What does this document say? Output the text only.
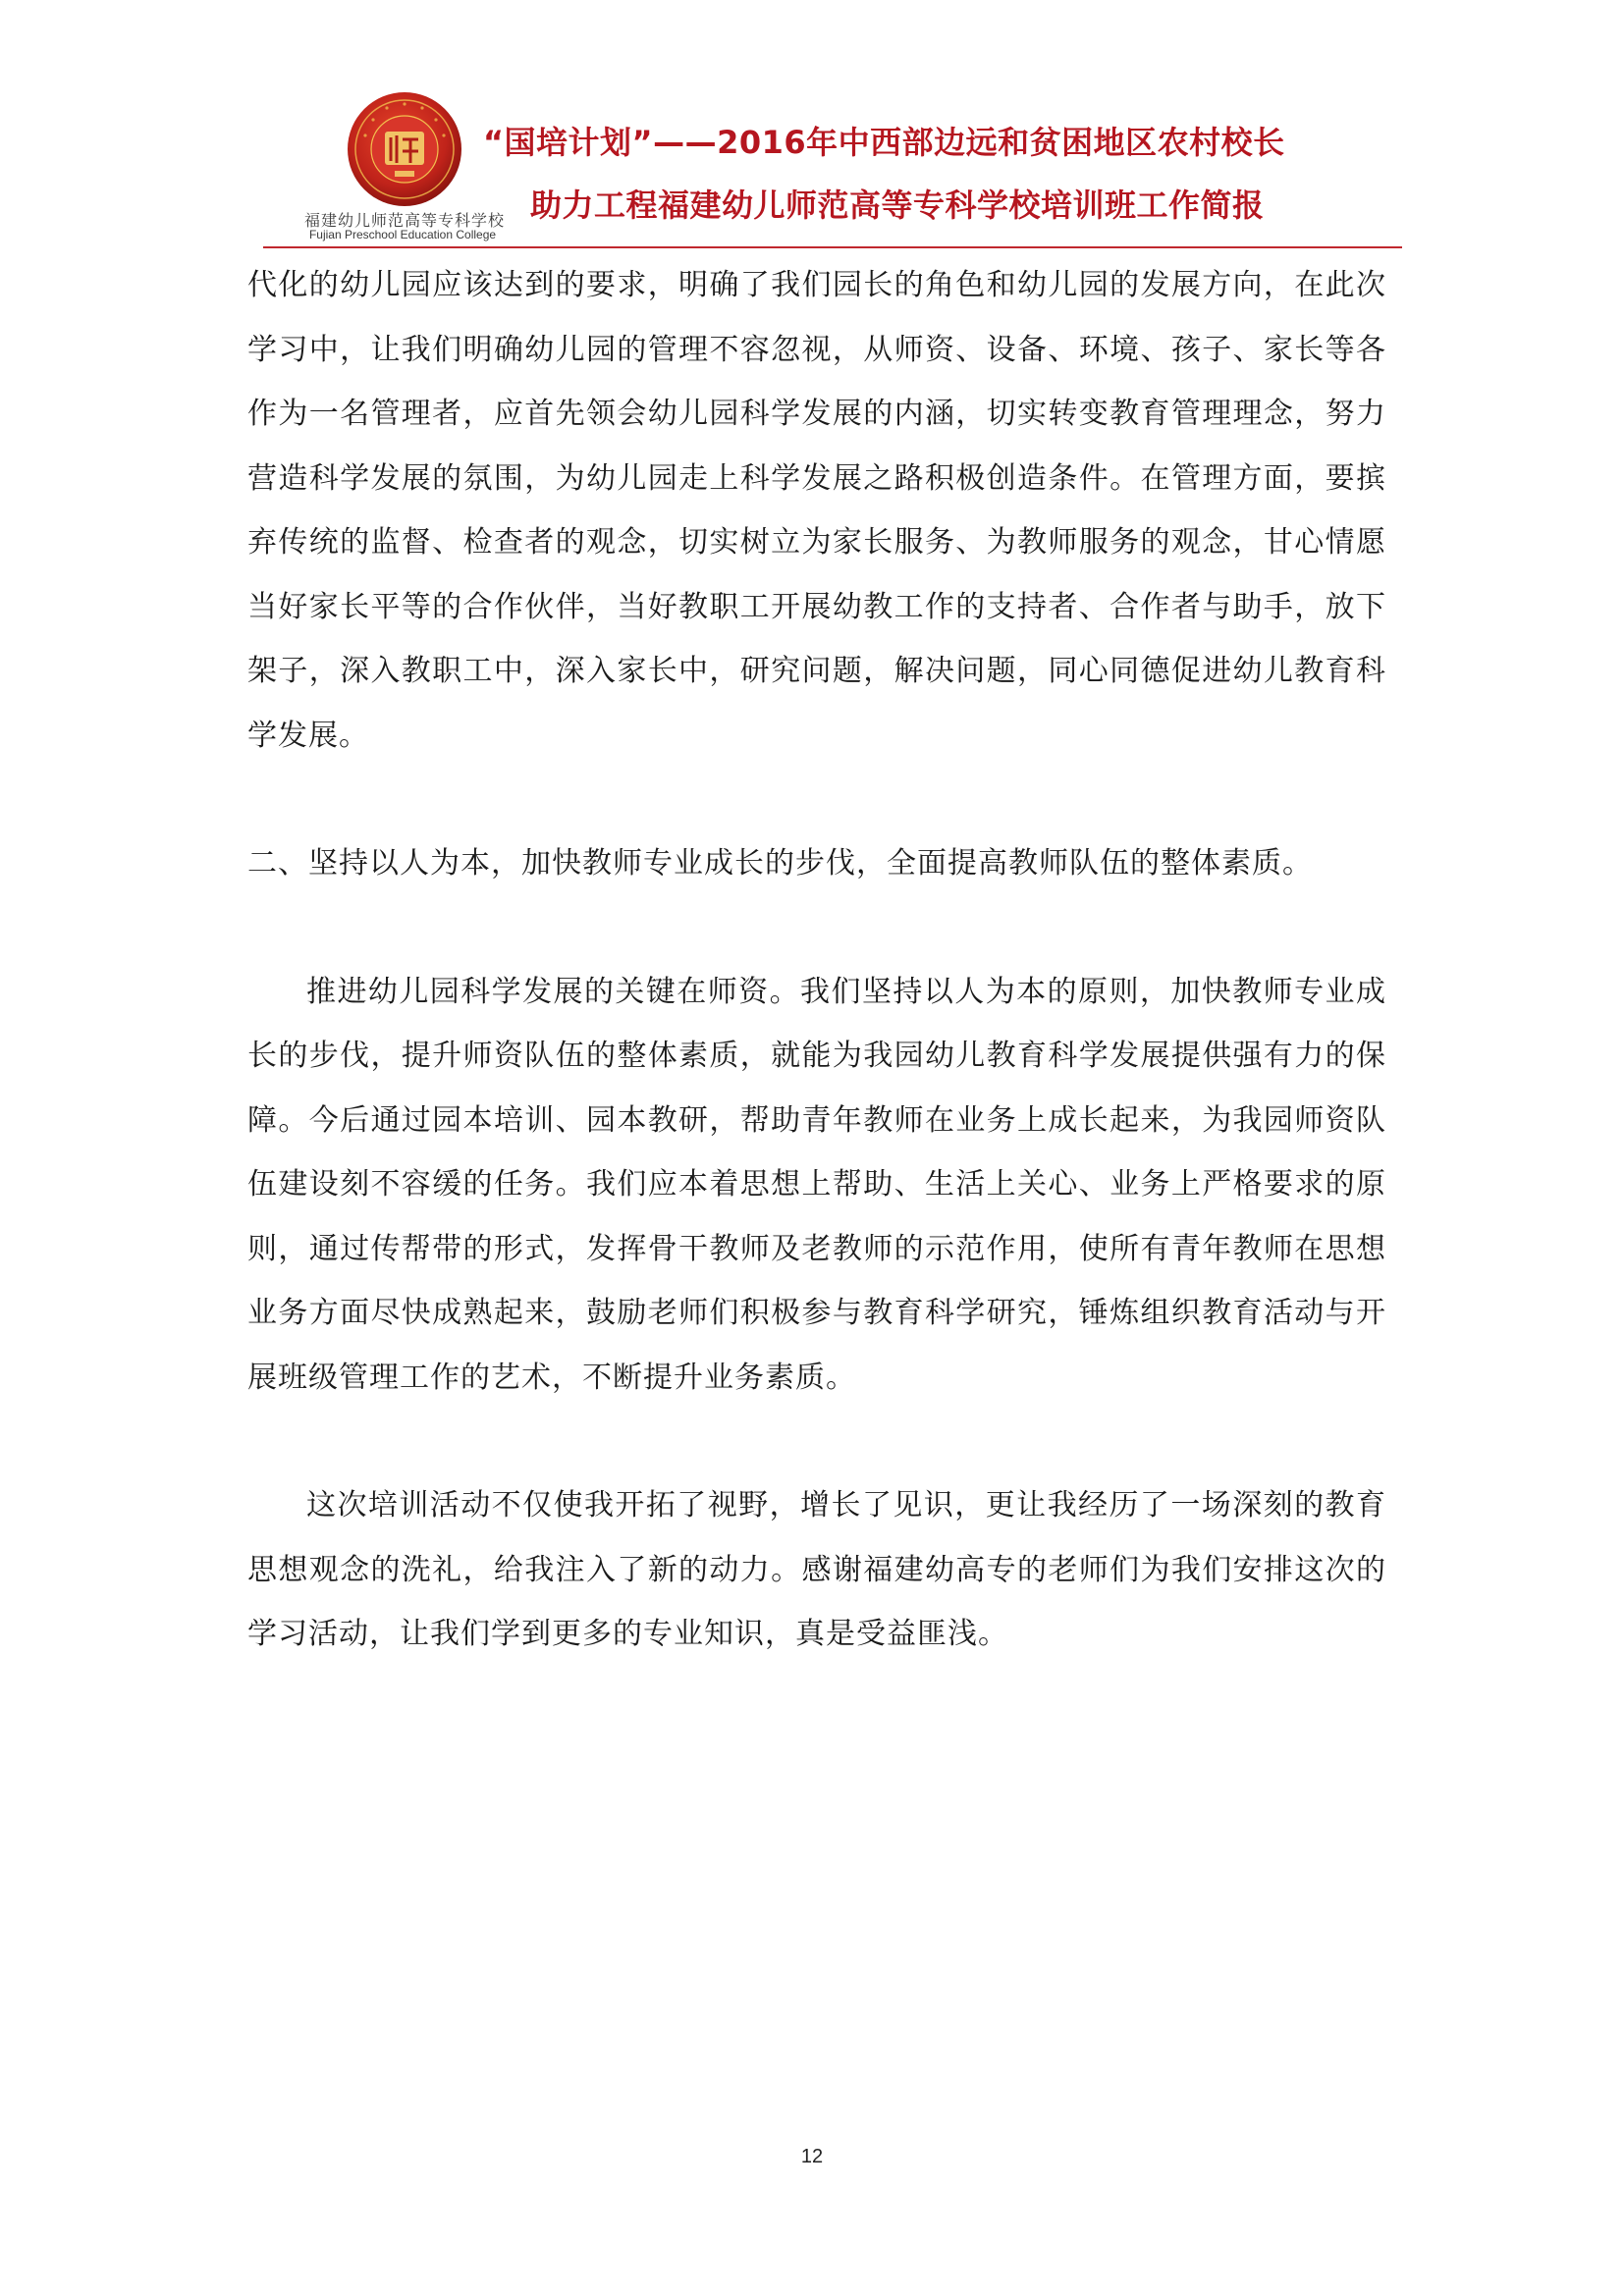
福建幼儿师范高等专科学校
Fujian Preschool Education College
“国培计划”——2016年中西部边远和贫困地区农村校长
助力工程福建幼儿师范高等专科学校培训班工作简报

代化的幼儿园应该达到的要求，明确了我们园长的角色和幼儿园的发展方向，在此次学习中，让我们明确幼儿园的管理不容忽视，从师资、设备、环境、孩子、家长等各作为一名管理者，应首先领会幼儿园科学发展的内涵，切实转变教育管理理念，努力营造科学发展的氛围，为幼儿园走上科学发展之路积极创造条件。在管理方面，要摈弃传统的监督、检查者的观念，切实树立为家长服务、为教师服务的观念，甘心情愿当好家长平等的合作伙伴，当好教职工开展幼教工作的支持者、合作者与助手，放下架子，深入教职工中，深入家长中，研究问题，解决问题，同心同德促进幼儿教育科学发展。

二、坚持以人为本，加快教师专业成长的步伐，全面提高教师队伍的整体素质。

推进幼儿园科学发展的关键在师资。我们坚持以人为本的原则，加快教师专业成长的步伐，提升师资队伍的整体素质，就能为我园幼儿教育科学发展提供强有力的保障。今后通过园本培训、园本教研，帮助青年教师在业务上成长起来，为我园师资队伍建设刻不容缓的任务。我们应本着思想上帮助、生活上关心、业务上严格要求的原则，通过传帮带的形式，发挥骨干教师及老教师的示范作用，使所有青年教师在思想业务方面尽快成熟起来，鼓励老师们积极参与教育科学研究，锤炼组织教育活动与开展班级管理工作的艺术，不断提升业务素质。

这次培训活动不仅使我开拓了视野，增长了见识，更让我经历了一场深刻的教育思想观念的洗礼，给我注入了新的动力。感谢福建幼高专的老师们为我们安排这次的学习活动，让我们学到更多的专业知识，真是受益匪浅。

12
